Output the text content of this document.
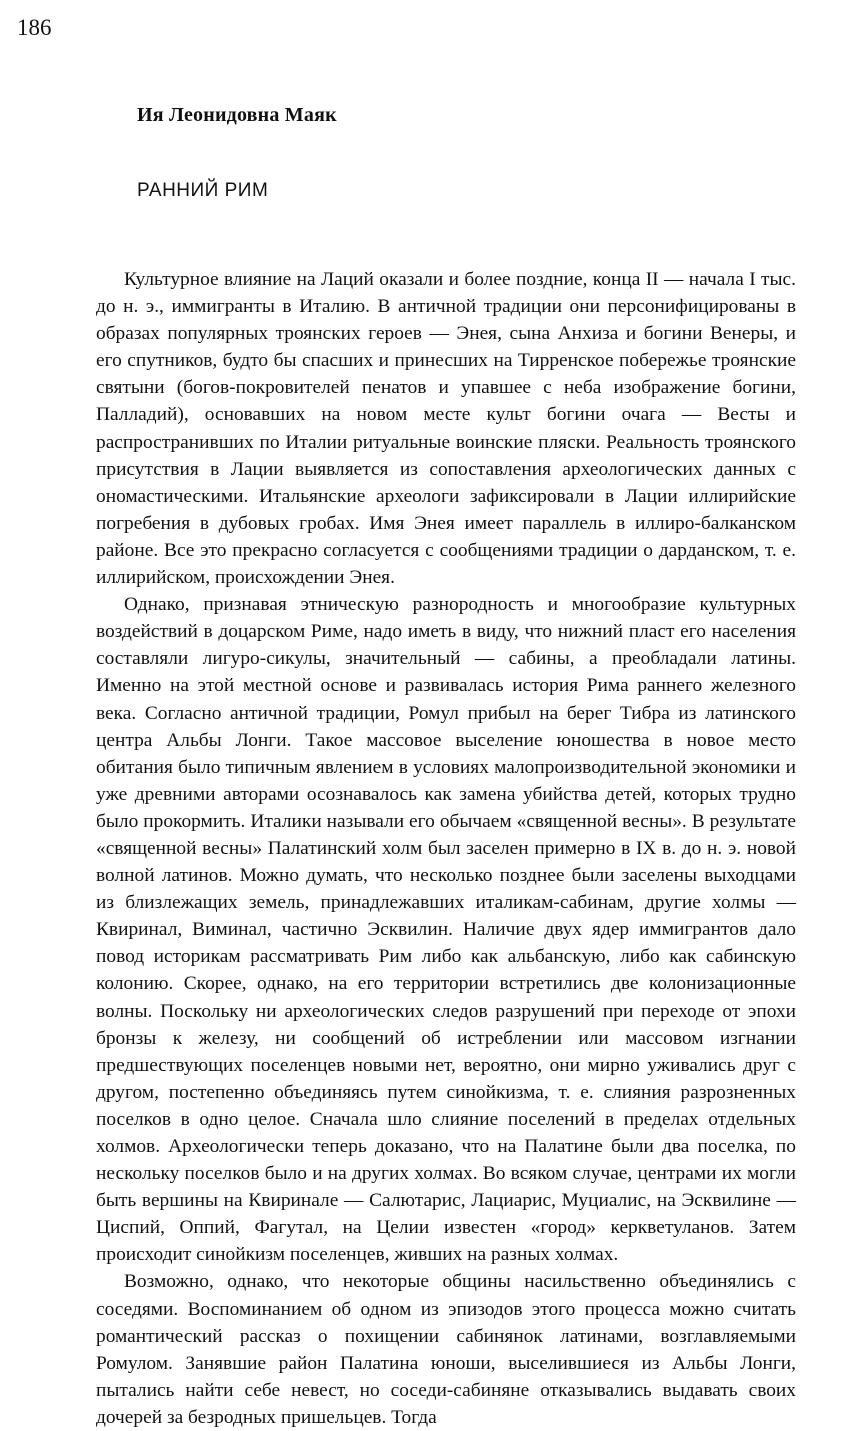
186
Ия Леонидовна Маяк
РАННИЙ РИМ

Культурное влияние на Лаций оказали и более поздние, конца II — начала I тыс. до н. э., иммигранты в Италию. В античной традиции они персонифицированы в образах популярных троянских героев — Энея, сына Анхиза и богини Венеры, и его спутников, будто бы спасших и принесших на Тирренское побережье троянские святыни (богов-покровителей пенатов и упавшее с неба изображение богини, Палладий), основавших на новом месте культ богини очага — Весты и распространивших по Италии ритуальные воинские пляски. Реальность троянского присутствия в Лации выявляется из сопоставления археологических данных с ономастическими. Итальянские археологи зафиксировали в Лации иллирийские погребения в дубовых гробах. Имя Энея имеет параллель в иллиро-балканском районе. Все это прекрасно согласуется с сообщениями традиции о дарданском, т. е. иллирийском, происхождении Энея.

Однако, признавая этническую разнородность и многообразие культурных воздействий в доцарском Риме, надо иметь в виду, что нижний пласт его населения составляли лигуро-сикулы, значительный — сабины, а преобладали латины. Именно на этой местной основе и развивалась история Рима раннего железного века. Согласно античной традиции, Ромул прибыл на берег Тибра из латинского центра Альбы Лонги. Такое массовое выселение юношества в новое место обитания было типичным явлением в условиях малопроизводительной экономики и уже древними авторами осознавалось как замена убийства детей, которых трудно было прокормить. Италики называли его обычаем «священной весны». В результате «священной весны» Палатинский холм был заселен примерно в IX в. до н. э. новой волной латинов. Можно думать, что несколько позднее были заселены выходцами из близлежащих земель, принадлежавших италикам-сабинам, другие холмы — Квиринал, Виминал, частично Эсквилин. Наличие двух ядер иммигрантов дало повод историкам рассматривать Рим либо как альбанскую, либо как сабинскую колонию. Скорее, однако, на его территории встретились две колонизационные волны. Поскольку ни археологических следов разрушений при переходе от эпохи бронзы к железу, ни сообщений об истреблении или массовом изгнании предшествующих поселенцев новыми нет, вероятно, они мирно уживались друг с другом, постепенно объединяясь путем синойкизма, т. е. слияния разрозненных поселков в одно целое. Сначала шло слияние поселений в пределах отдельных холмов. Археологически теперь доказано, что на Палатине были два поселка, по нескольку поселков было и на других холмах. Во всяком случае, центрами их могли быть вершины на Квиринале — Салютарис, Лациарис, Муциалис, на Эсквилине — Циспий, Оппий, Фагутал, на Целии известен «город» керкветуланов. Затем происходит синойкизм поселенцев, живших на разных холмах.

Возможно, однако, что некоторые общины насильственно объединялись с соседями. Воспоминанием об одном из эпизодов этого процесса можно считать романтический рассказ о похищении сабинянок латинами, возглавляемыми Ромулом. Занявшие район Палатина юноши, выселившиеся из Альбы Лонги, пытались найти себе невест, но соседи-сабиняне отказывались выдавать своих дочерей за безродных пришельцев. Тогда
